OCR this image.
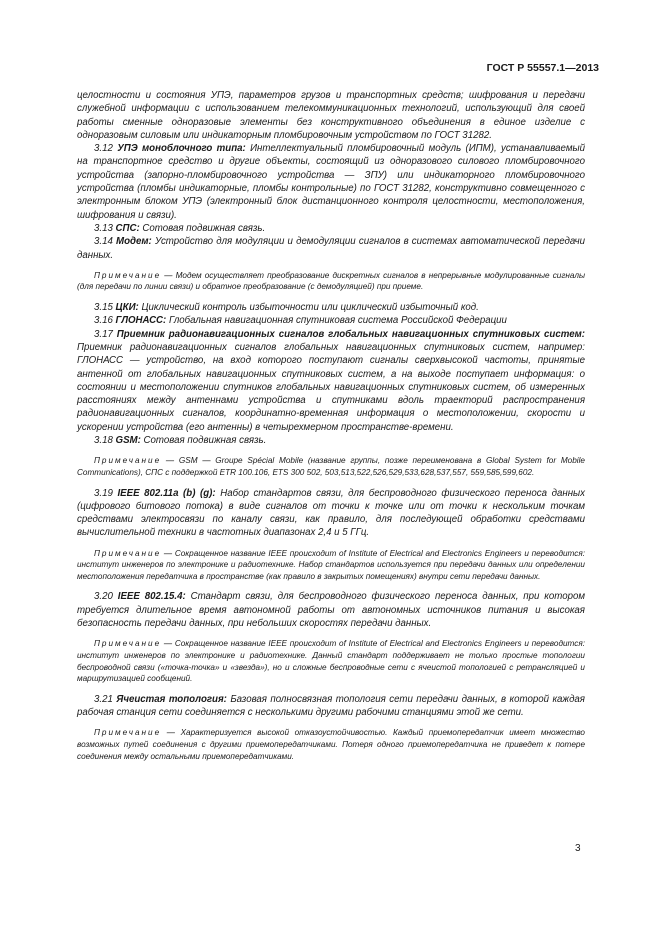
ГОСТ Р 55557.1—2013

целостности и состояния УПЭ, параметров грузов и транспортных средств; шифрования и передачи служебной информации с использованием телекоммуникационных технологий, использующий для своей работы сменные одноразовые элементы без конструктивного объединения в единое изделие с одноразовым силовым или индикаторным пломбировочным устройством по ГОСТ 31282.

3.12 УПЭ моноблочного типа: Интеллектуальный пломбировочный модуль (ИПМ), устанавливаемый на транспортное средство и другие объекты, состоящий из одноразового силового пломбировочного устройства (запорно-пломбировочного устройства — ЗПУ) или индикаторного пломбировочного устройства (пломбы индикаторные, пломбы контрольные) по ГОСТ 31282, конструктивно совмещенного с электронным блоком УПЭ (электронный блок дистанционного контроля целостности, местоположения, шифрования и связи).

3.13 СПС: Сотовая подвижная связь.

3.14 Модем: Устройство для модуляции и демодуляции сигналов в системах автоматической передачи данных.

Примечание — Модем осуществляет преобразование дискретных сигналов в непрерывные модулированные сигналы (для передачи по линии связи) и обратное преобразование (с демодуляцией) при приеме.

3.15 ЦКИ: Циклический контроль избыточности или циклический избыточный код.

3.16 ГЛОНАСС: Глобальная навигационная спутниковая система Российской Федерации

3.17 Приемник радионавигационных сигналов глобальных навигационных спутниковых систем: Приемник радионавигационных сигналов глобальных навигационных спутниковых систем, например: ГЛОНАСС — устройство, на вход которого поступают сигналы сверхвысокой частоты, принятые антенной от глобальных навигационных спутниковых систем, а на выходе поступает информация: о состоянии и местоположении спутников глобальных навигационных спутниковых систем, об измеренных расстояниях между антеннами устройства и спутниками вдоль траекторий распространения радионавигационных сигналов, координатно-временная информация о местоположении, скорости и ускорении устройства (его антенны) в четырехмерном пространстве-времени.

3.18 GSM: Сотовая подвижная связь.

Примечание — GSM — Groupe Spécial Mobile (название группы, позже переименована в Global System for Mobile Communications), СПС с поддержкой ETR 100.106, ETS 300 502, 503,513,522,526,529,533,628,537,557, 559,585,599,602.

3.19 IEEE 802.11a (b) (g): Набор стандартов связи, для беспроводного физического переноса данных (цифрового битового потока) в виде сигналов от точки к точке или от точки к нескольким точкам средствами электросвязи по каналу связи, как правило, для последующей обработки средствами вычислительной техники в частотных диапазонах 2,4 и 5 ГГц.

Примечание — Сокращенное название IEEE происходит of Institute of Electrical and Electronics Engineers и переводится: институт инженеров по электронике и радиотехнике. Набор стандартов используется при передачи данных или определении местоположения передатчика в пространстве (как правило в закрытых помещениях) внутри сети передачи данных.

3.20 IEEE 802.15.4: Стандарт связи, для беспроводного физического переноса данных, при котором требуется длительное время автономной работы от автономных источников питания и высокая безопасность передачи данных, при небольших скоростях передачи данных.

Примечание — Сокращенное название IEEE происходит of Institute of Electrical and Electronics Engineers и переводится: институт инженеров по электронике и радиотехнике. Данный стандарт поддерживает не только простые топологии беспроводной связи («точка-точка» и «звезда»), но и сложные беспроводные сети с ячеистой топологией с ретрансляцией и маршрутизацией сообщений.

3.21 Ячеистая топология: Базовая полносвязная топология сети передачи данных, в которой каждая рабочая станция сети соединяется с несколькими другими рабочими станциями этой же сети.

Примечание — Характеризуется высокой отказоустойчивостью. Каждый приемопередатчик имеет множество возможных путей соединения с другими приемопередатчиками. Потеря одного приемопередатчика не приведет к потере соединения между остальными приемопередатчиками.

3
